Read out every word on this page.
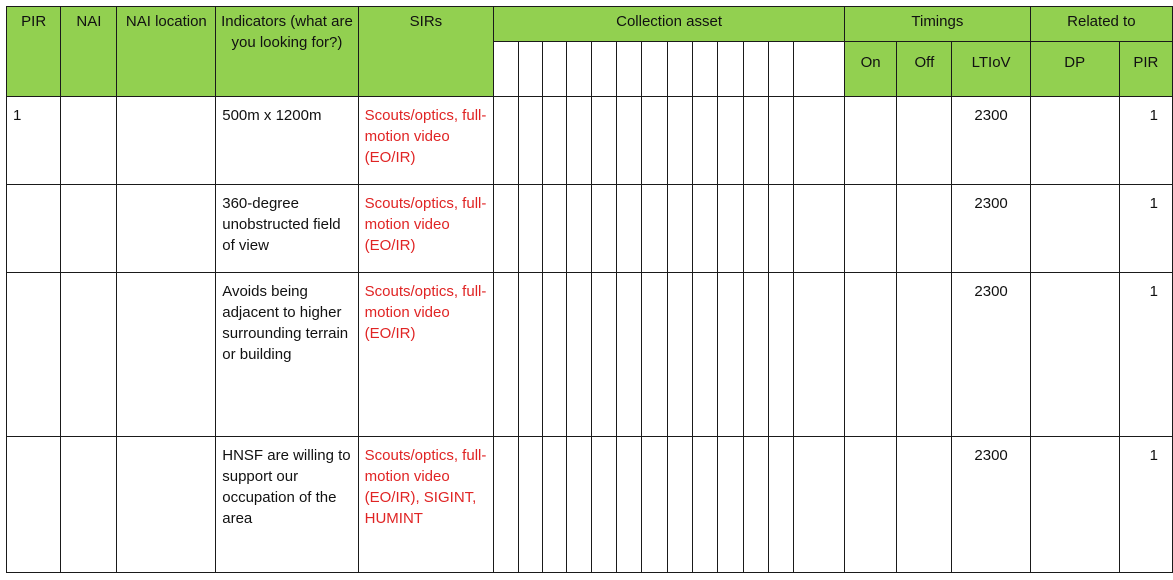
PIR	NAI	NAI location	Indicators (what are you looking for?)	SIRs	Collection asset													Timings			Related to	

																		On	Off	LTIoV	DP	PIR
1			500m x 1200m	Scouts/optics, full-motion video (EO/IR)																2300		1
			360-degree unobstructed field of view	Scouts/optics, full-motion video (EO/IR)																2300		1
			Avoids being adjacent to higher surrounding terrain or building	Scouts/optics, full-motion video (EO/IR)																2300		1
			HNSF are willing to support our occupation of the area	Scouts/optics, full-motion video (EO/IR), SIGINT, HUMINT																2300		1
